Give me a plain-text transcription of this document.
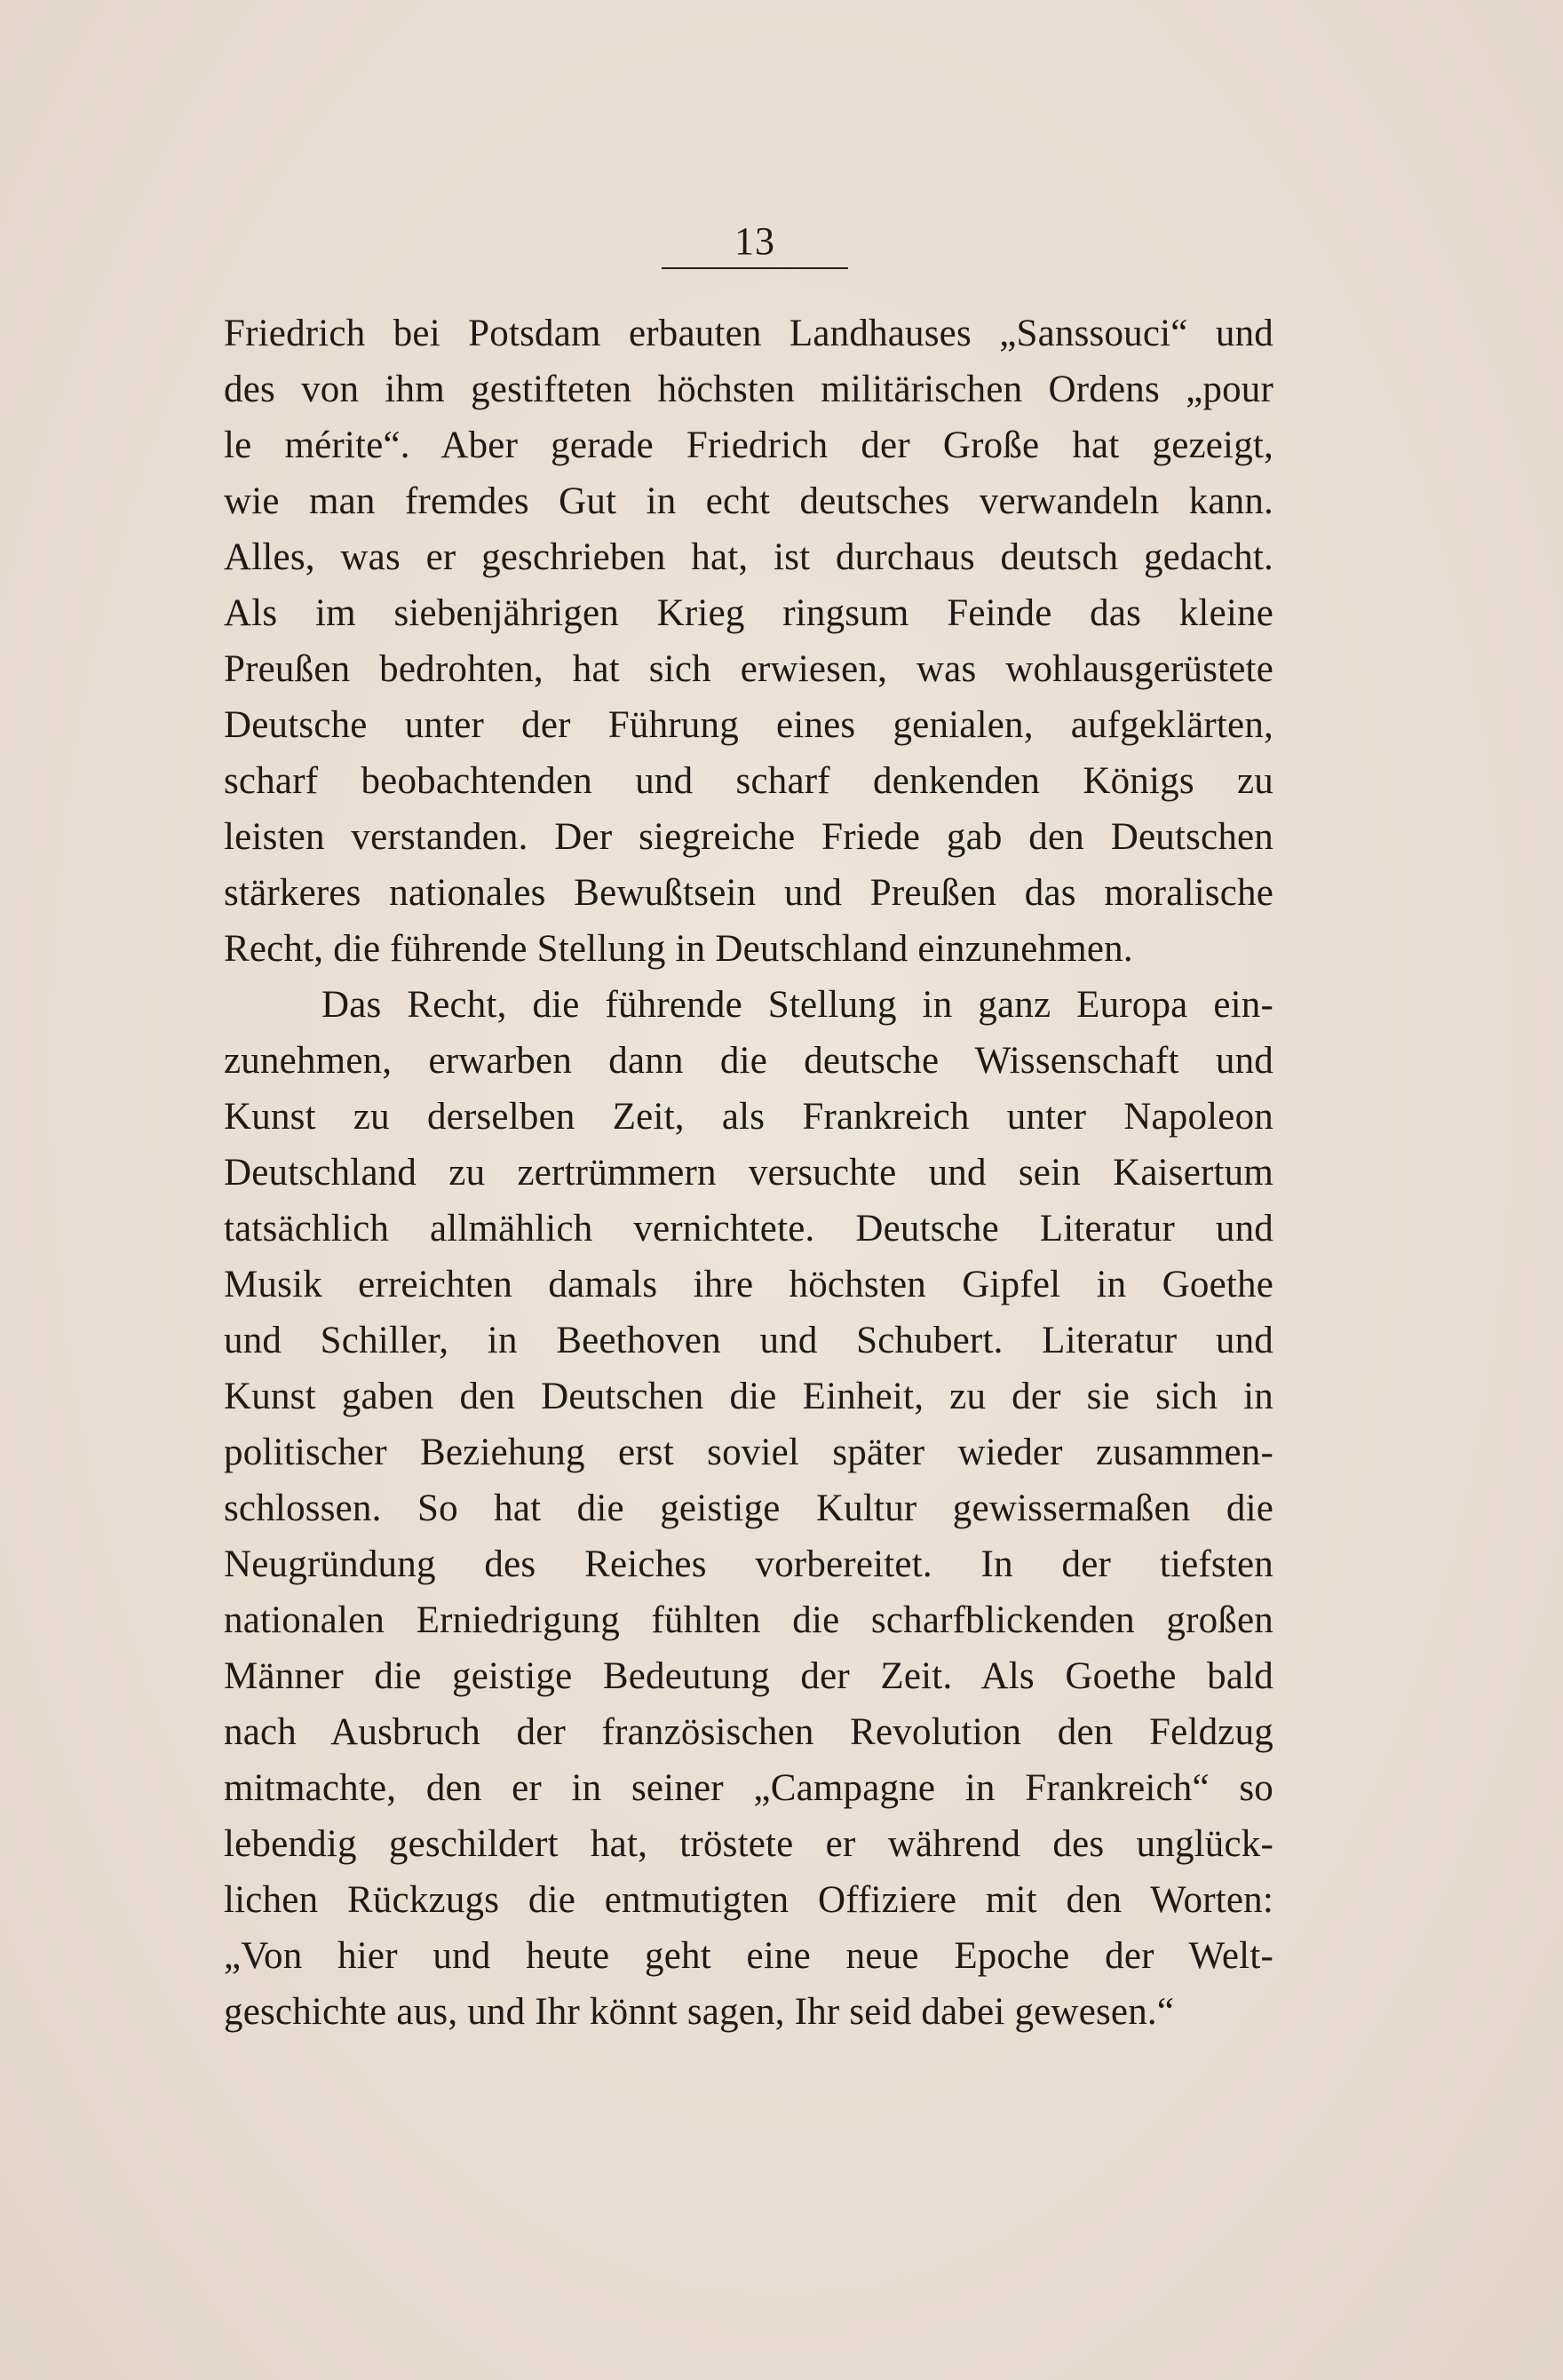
13
Friedrich bei Potsdam erbauten Landhauses „Sanssouci“ und
des von ihm gestifteten höchsten militärischen Ordens „pour
le mérite“. Aber gerade Friedrich der Große hat gezeigt,
wie man fremdes Gut in echt deutsches verwandeln kann.
Alles, was er geschrieben hat, ist durchaus deutsch gedacht.
Als im siebenjährigen Krieg ringsum Feinde das kleine
Preußen bedrohten, hat sich erwiesen, was wohlausgerüstete
Deutsche unter der Führung eines genialen, aufgeklärten,
scharf beobachtenden und scharf denkenden Königs zu
leisten verstanden. Der siegreiche Friede gab den Deutschen
stärkeres nationales Bewußtsein und Preußen das moralische
Recht, die führende Stellung in Deutschland einzunehmen.
Das Recht, die führende Stellung in ganz Europa ein-
zunehmen, erwarben dann die deutsche Wissenschaft und
Kunst zu derselben Zeit, als Frankreich unter Napoleon
Deutschland zu zertrümmern versuchte und sein Kaisertum
tatsächlich allmählich vernichtete. Deutsche Literatur und
Musik erreichten damals ihre höchsten Gipfel in Goethe
und Schiller, in Beethoven und Schubert. Literatur und
Kunst gaben den Deutschen die Einheit, zu der sie sich in
politischer Beziehung erst soviel später wieder zusammen-
schlossen. So hat die geistige Kultur gewissermaßen die
Neugründung des Reiches vorbereitet. In der tiefsten
nationalen Erniedrigung fühlten die scharfblickenden großen
Männer die geistige Bedeutung der Zeit. Als Goethe bald
nach Ausbruch der französischen Revolution den Feldzug
mitmachte, den er in seiner „Campagne in Frankreich“ so
lebendig geschildert hat, tröstete er während des unglück-
lichen Rückzugs die entmutigten Offiziere mit den Worten:
„Von hier und heute geht eine neue Epoche der Welt-
geschichte aus, und Ihr könnt sagen, Ihr seid dabei gewesen.“
